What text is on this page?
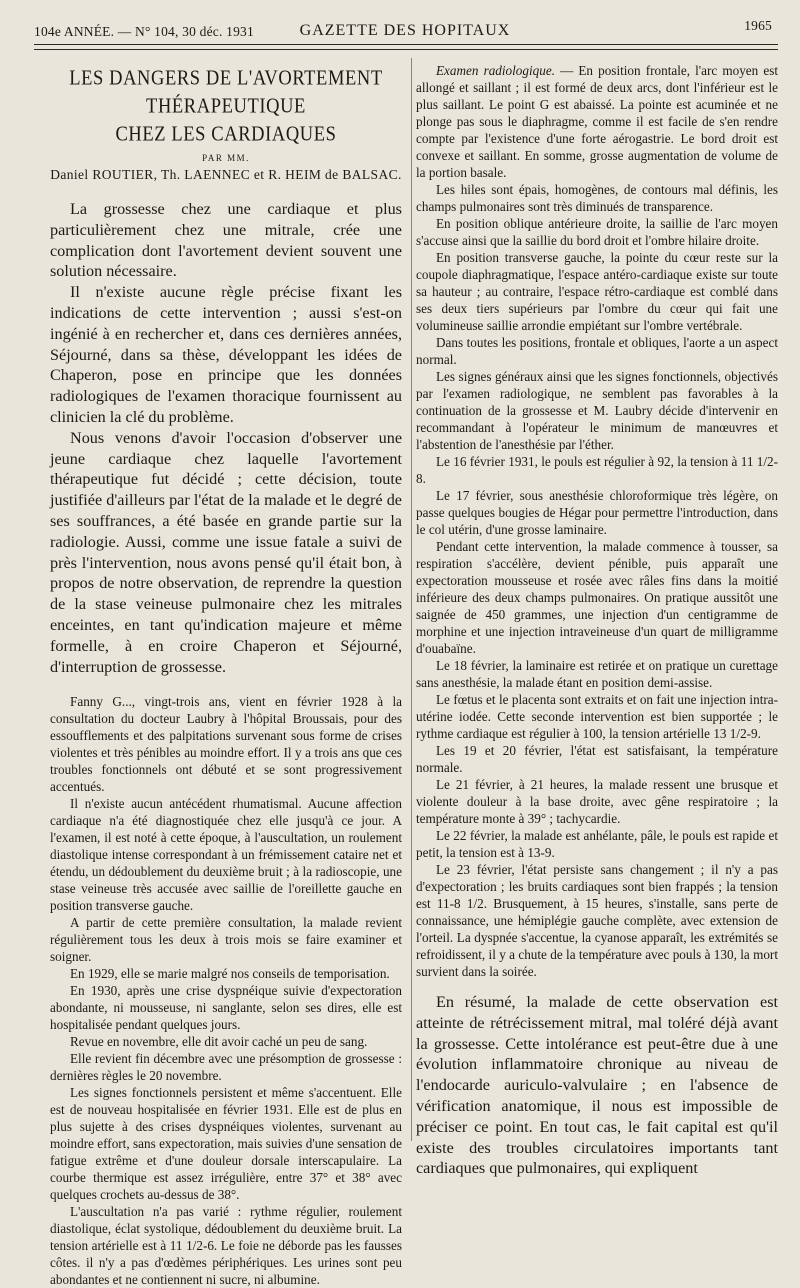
104e ANNÉE. — N° 104, 30 déc. 1931	GAZETTE DES HOPITAUX	1965
LES DANGERS DE L'AVORTEMENT THÉRAPEUTIQUE
CHEZ LES CARDIAQUES
PAR MM.
Daniel ROUTIER, Th. LAENNEC et R. HEIM de BALSAC.

La grossesse chez une cardiaque et plus particulièrement chez une mitrale, crée une complication dont l'avortement devient souvent une solution nécessaire.

Il n'existe aucune règle précise fixant les indications de cette intervention ; aussi s'est-on ingénié à en rechercher et, dans ces dernières années, Séjourné, dans sa thèse, développant les idées de Chaperon, pose en principe que les données radiologiques de l'examen thoracique fournissent au clinicien la clé du problème.

Nous venons d'avoir l'occasion d'observer une jeune cardiaque chez laquelle l'avortement thérapeutique fut décidé ; cette décision, toute justifiée d'ailleurs par l'état de la malade et le degré de ses souffrances, a été basée en grande partie sur la radiologie. Aussi, comme une issue fatale a suivi de près l'intervention, nous avons pensé qu'il était bon, à propos de notre observation, de reprendre la question de la stase veineuse pulmonaire chez les mitrales enceintes, en tant qu'indication majeure et même formelle, à en croire Chaperon et Séjourné, d'interruption de grossesse.

Fanny G..., vingt-trois ans, vient en février 1928 à la consultation du docteur Laubry à l'hôpital Broussais, pour des essoufflements et des palpitations survenant sous forme de crises violentes et très pénibles au moindre effort. Il y a trois ans que ces troubles fonctionnels ont débuté et se sont progressivement accentués.

Il n'existe aucun antécédent rhumatismal. Aucune affection cardiaque n'a été diagnostiquée chez elle jusqu'à ce jour. A l'examen, il est noté à cette époque, à l'auscultation, un roulement diastolique intense correspondant à un frémissement cataire net et étendu, un dédoublement du deuxième bruit ; à la radioscopie, une stase veineuse très accusée avec saillie de l'oreillette gauche en position transverse gauche.

A partir de cette première consultation, la malade revient régulièrement tous les deux à trois mois se faire examiner et soigner.

En 1929, elle se marie malgré nos conseils de temporisation.

En 1930, après une crise dyspnéique suivie d'expectoration abondante, ni mousseuse, ni sanglante, selon ses dires, elle est hospitalisée pendant quelques jours.

Revue en novembre, elle dit avoir caché un peu de sang.

Elle revient fin décembre avec une présomption de grossesse : dernières règles le 20 novembre.

Les signes fonctionnels persistent et même s'accentuent. Elle est de nouveau hospitalisée en février 1931. Elle est de plus en plus sujette à des crises dyspnéiques violentes, survenant au moindre effort, sans expectoration, mais suivies d'une sensation de fatigue extrême et d'une douleur dorsale interscapulaire. La courbe thermique est assez irrégulière, entre 37° et 38° avec quelques crochets au-dessus de 38°.

L'auscultation n'a pas varié : rythme régulier, roulement diastolique, éclat systolique, dédoublement du deuxième bruit. La tension artérielle est à 11 1/2-6. Le foie ne déborde pas les fausses côtes. il n'y a pas d'œdèmes périphériques. Les urines sont peu abondantes et ne contiennent ni sucre, ni albumine.

Examen radiologique. — En position frontale, l'arc moyen est allongé et saillant ; il est formé de deux arcs, dont l'inférieur est le plus saillant. Le point G est abaissé. La pointe est acuminée et ne plonge pas sous le diaphragme, comme il est facile de s'en rendre compte par l'existence d'une forte aérogastrie. Le bord droit est convexe et saillant. En somme, grosse augmentation de volume de la portion basale.

Les hiles sont épais, homogènes, de contours mal définis, les champs pulmonaires sont très diminués de transparence.

En position oblique antérieure droite, la saillie de l'arc moyen s'accuse ainsi que la saillie du bord droit et l'ombre hilaire droite.

En position transverse gauche, la pointe du cœur reste sur la coupole diaphragmatique, l'espace antéro-cardiaque existe sur toute sa hauteur ; au contraire, l'espace rétro-cardiaque est comblé dans ses deux tiers supérieurs par l'ombre du cœur qui fait une volumineuse saillie arrondie empiétant sur l'ombre vertébrale.

Dans toutes les positions, frontale et obliques, l'aorte a un aspect normal.

Les signes généraux ainsi que les signes fonctionnels, objectivés par l'examen radiologique, ne semblent pas favorables à la continuation de la grossesse et M. Laubry décide d'intervenir en recommandant à l'opérateur le minimum de manœuvres et l'abstention de l'anesthésie par l'éther.

Le 16 février 1931, le pouls est régulier à 92, la tension à 11 1/2-8.

Le 17 février, sous anesthésie chloroformique très légère, on passe quelques bougies de Hégar pour permettre l'introduction, dans le col utérin, d'une grosse laminaire.

Pendant cette intervention, la malade commence à tousser, sa respiration s'accélère, devient pénible, puis apparaît une expectoration mousseuse et rosée avec râles fins dans la moitié inférieure des deux champs pulmonaires. On pratique aussitôt une saignée de 450 grammes, une injection d'un centigramme de morphine et une injection intraveineuse d'un quart de milligramme d'ouabaïne.

Le 18 février, la laminaire est retirée et on pratique un curettage sans anesthésie, la malade étant en position demi-assise.

Le fœtus et le placenta sont extraits et on fait une injection intra-utérine iodée. Cette seconde intervention est bien supportée ; le rythme cardiaque est régulier à 100, la tension artérielle 13 1/2-9.

Les 19 et 20 février, l'état est satisfaisant, la température normale.

Le 21 février, à 21 heures, la malade ressent une brusque et violente douleur à la base droite, avec gêne respiratoire ; la température monte à 39° ; tachycardie.

Le 22 février, la malade est anhélante, pâle, le pouls est rapide et petit, la tension est à 13-9.

Le 23 février, l'état persiste sans changement ; il n'y a pas d'expectoration ; les bruits cardiaques sont bien frappés ; la tension est 11-8 1/2. Brusquement, à 15 heures, s'installe, sans perte de connaissance, une hémiplégie gauche complète, avec extension de l'orteil. La dyspnée s'accentue, la cyanose apparaît, les extrémités se refroidissent, il y a chute de la température avec pouls à 130, la mort survient dans la soirée.

En résumé, la malade de cette observation est atteinte de rétrécissement mitral, mal toléré déjà avant la grossesse. Cette intolérance est peut-être due à une évolution inflammatoire chronique au niveau de l'endocarde auriculo-valvulaire ; en l'absence de vérification anatomique, il nous est impossible de préciser ce point. En tout cas, le fait capital est qu'il existe des troubles circulatoires importants tant cardiaques que pulmonaires, qui expliquent
